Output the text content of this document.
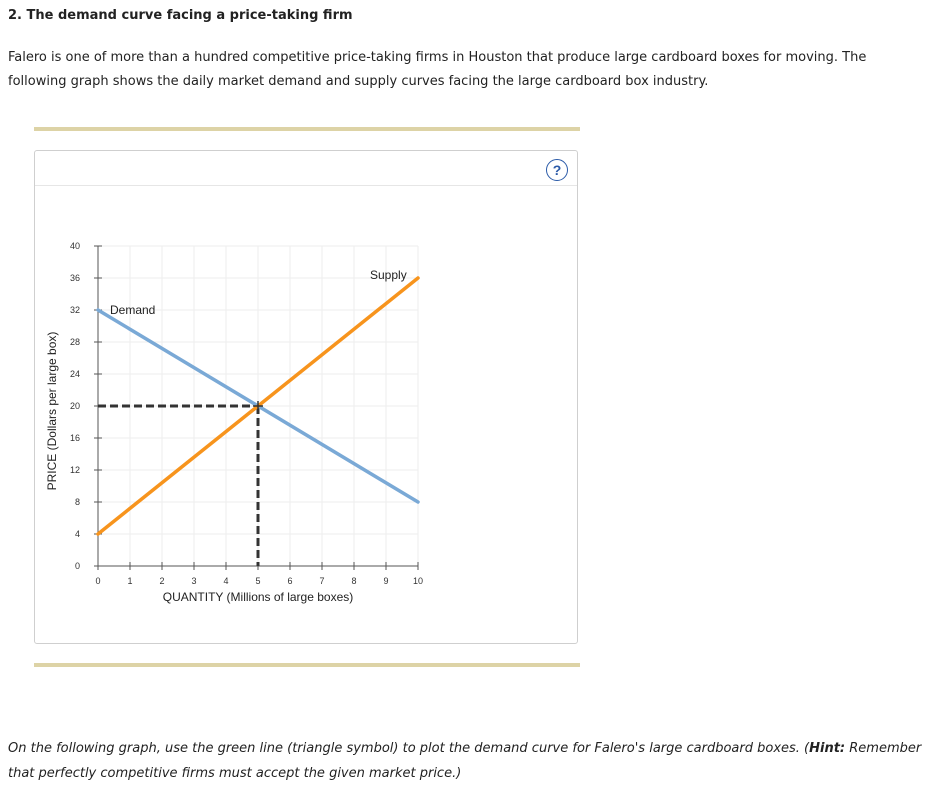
2. The demand curve facing a price-taking firm
Falero is one of more than a hundred competitive price-taking firms in Houston that produce large cardboard boxes for moving. The following graph shows the daily market demand and supply curves facing the large cardboard box industry.
?
0
4
8
12
16
20
24
28
32
36
40
0	1	2	3	4	5	6	7	8	9	10
QUANTITY (Millions of large boxes)
PRICE (Dollars per large box)
Demand
Supply
On the following graph, use the green line (triangle symbol) to plot the demand curve for Falero's large cardboard boxes. (Hint: Remember that perfectly competitive firms must accept the given market price.)
